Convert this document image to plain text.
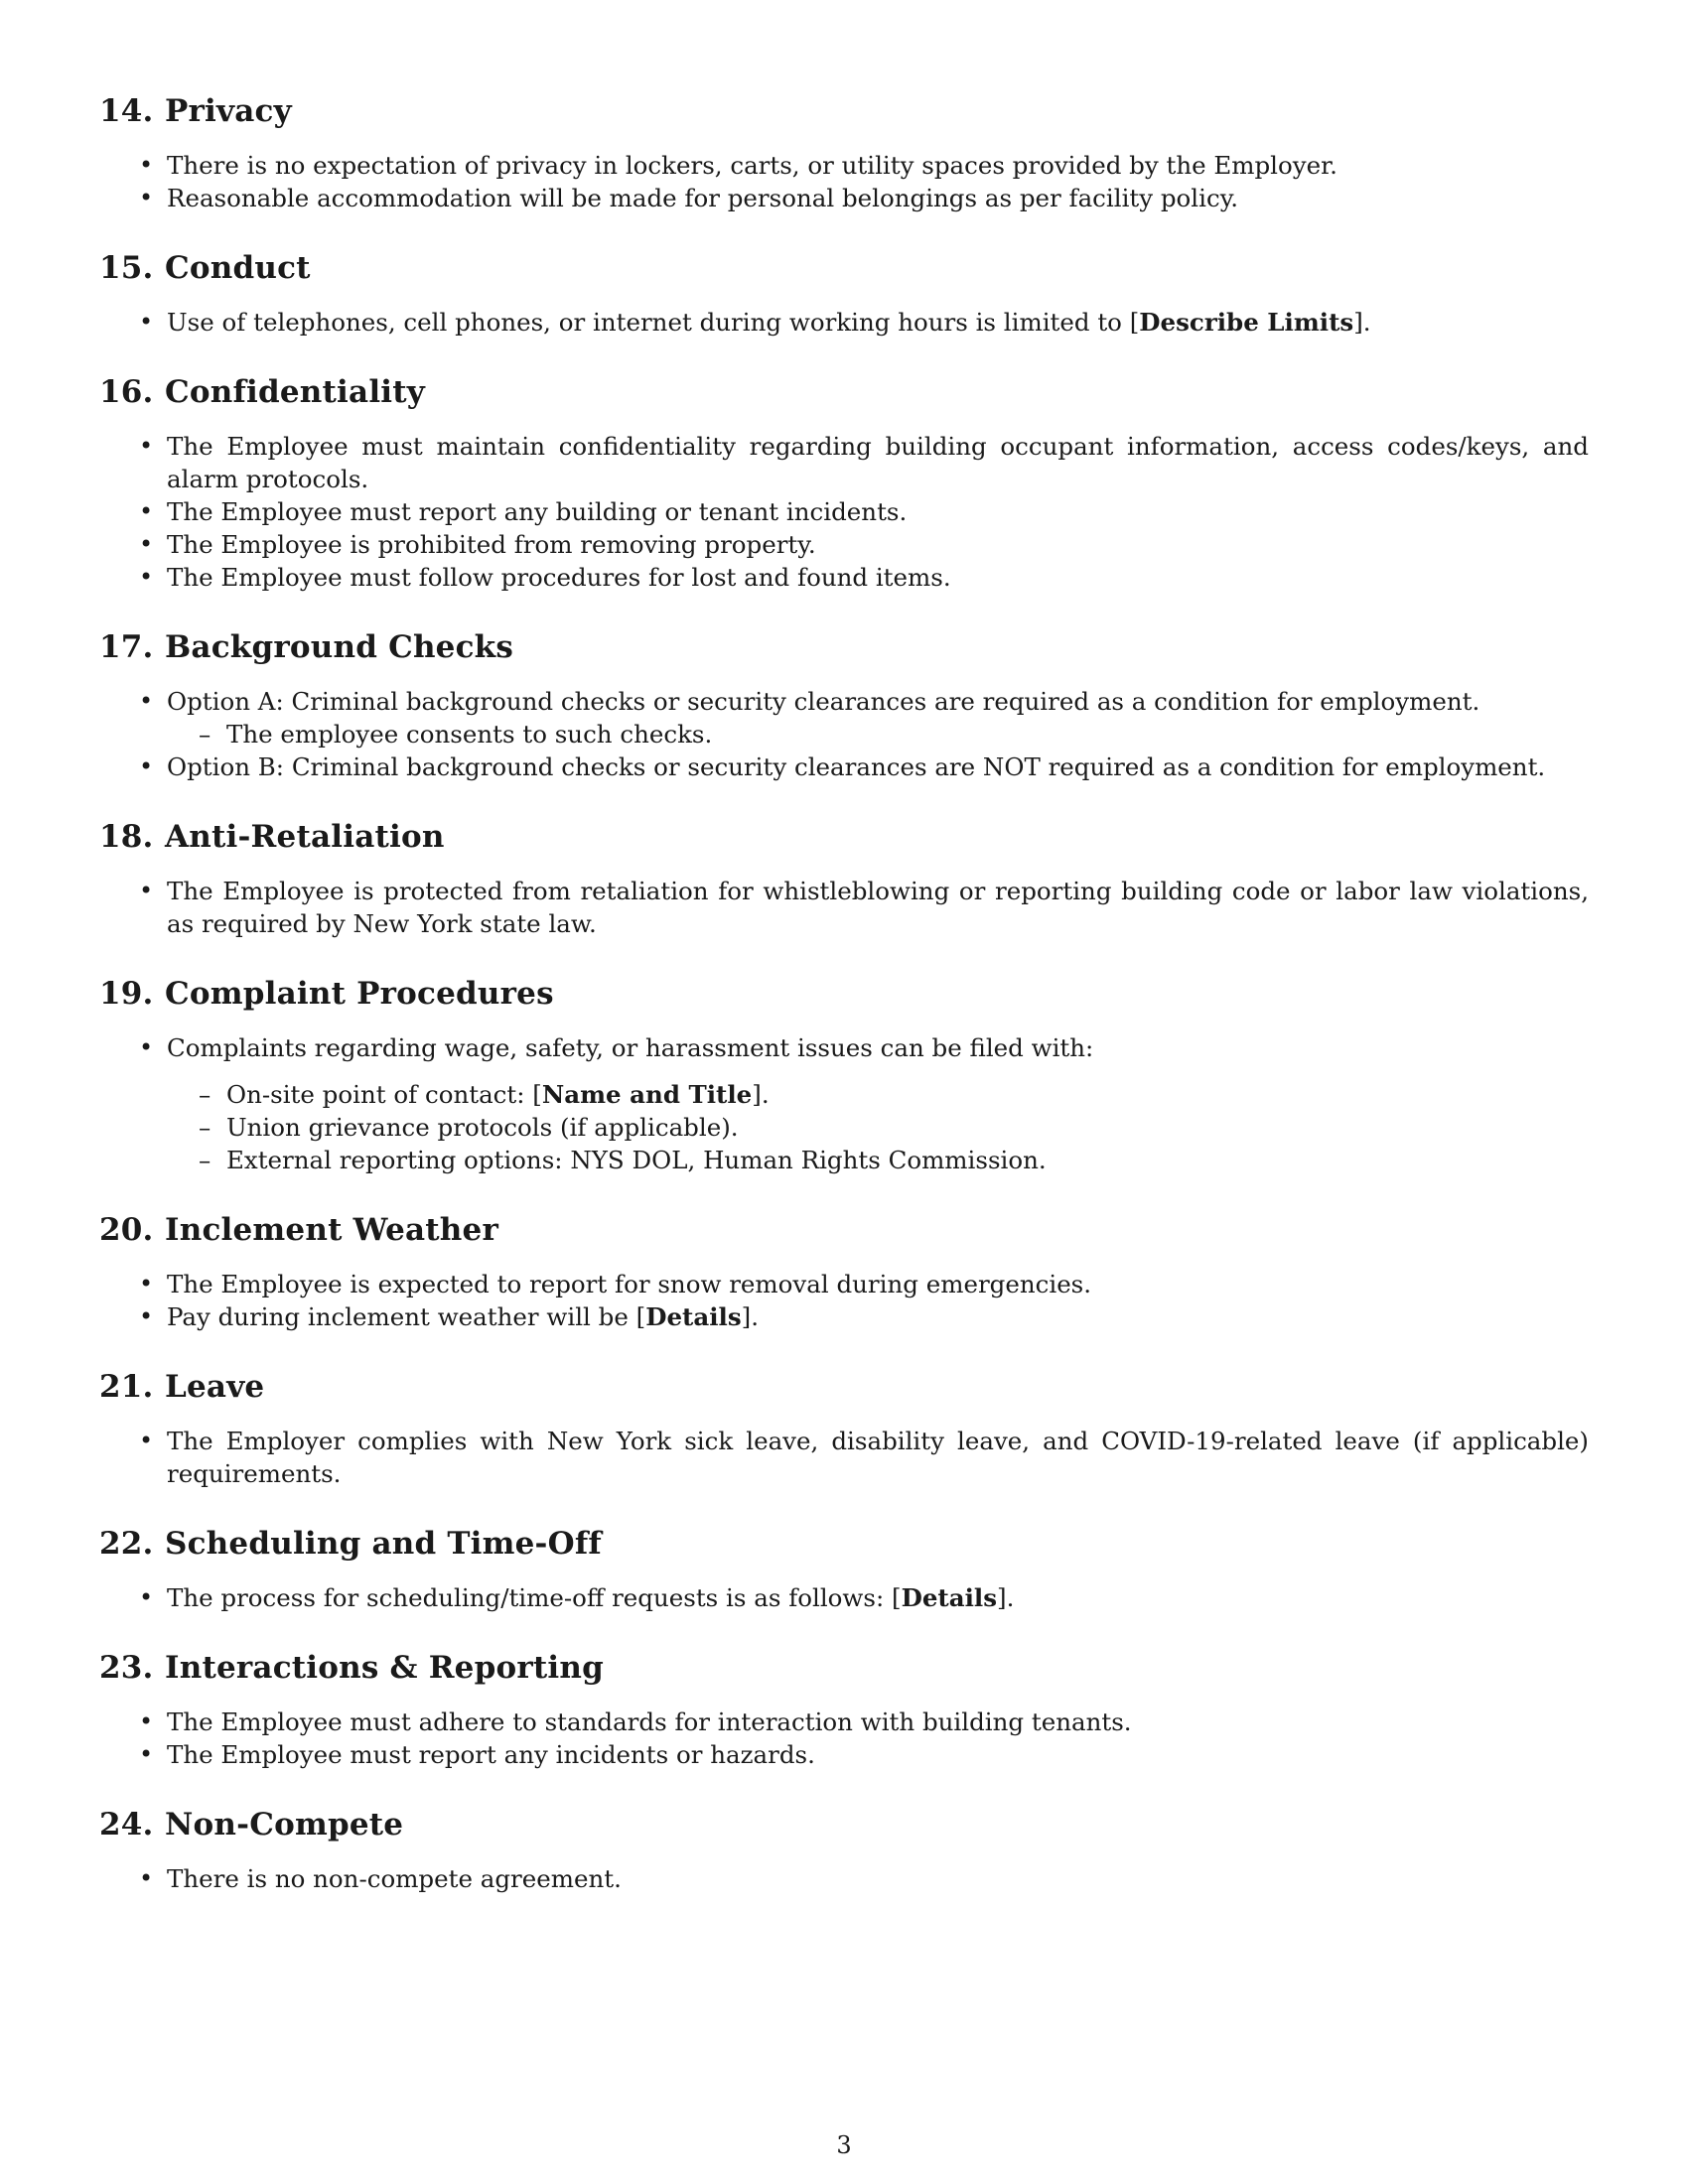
14. Privacy
• There is no expectation of privacy in lockers, carts, or utility spaces provided by the Employer.
• Reasonable accommodation will be made for personal belongings as per facility policy.
15. Conduct
• Use of telephones, cell phones, or internet during working hours is limited to [Describe Limits].
16. Confidentiality
• The Employee must maintain confidentiality regarding building occupant information, access codes/keys, and alarm protocols.
• The Employee must report any building or tenant incidents.
• The Employee is prohibited from removing property.
• The Employee must follow procedures for lost and found items.
17. Background Checks
• Option A: Criminal background checks or security clearances are required as a condition for employment.
– The employee consents to such checks.
• Option B: Criminal background checks or security clearances are NOT required as a condition for employment.
18. Anti-Retaliation
• The Employee is protected from retaliation for whistleblowing or reporting building code or labor law violations, as required by New York state law.
19. Complaint Procedures
• Complaints regarding wage, safety, or harassment issues can be filed with:
– On-site point of contact: [Name and Title].
– Union grievance protocols (if applicable).
– External reporting options: NYS DOL, Human Rights Commission.
20. Inclement Weather
• The Employee is expected to report for snow removal during emergencies.
• Pay during inclement weather will be [Details].
21. Leave
• The Employer complies with New York sick leave, disability leave, and COVID-19-related leave (if applicable) requirements.
22. Scheduling and Time-Off
• The process for scheduling/time-off requests is as follows: [Details].
23. Interactions & Reporting
• The Employee must adhere to standards for interaction with building tenants.
• The Employee must report any incidents or hazards.
24. Non-Compete
• There is no non-compete agreement.
3
